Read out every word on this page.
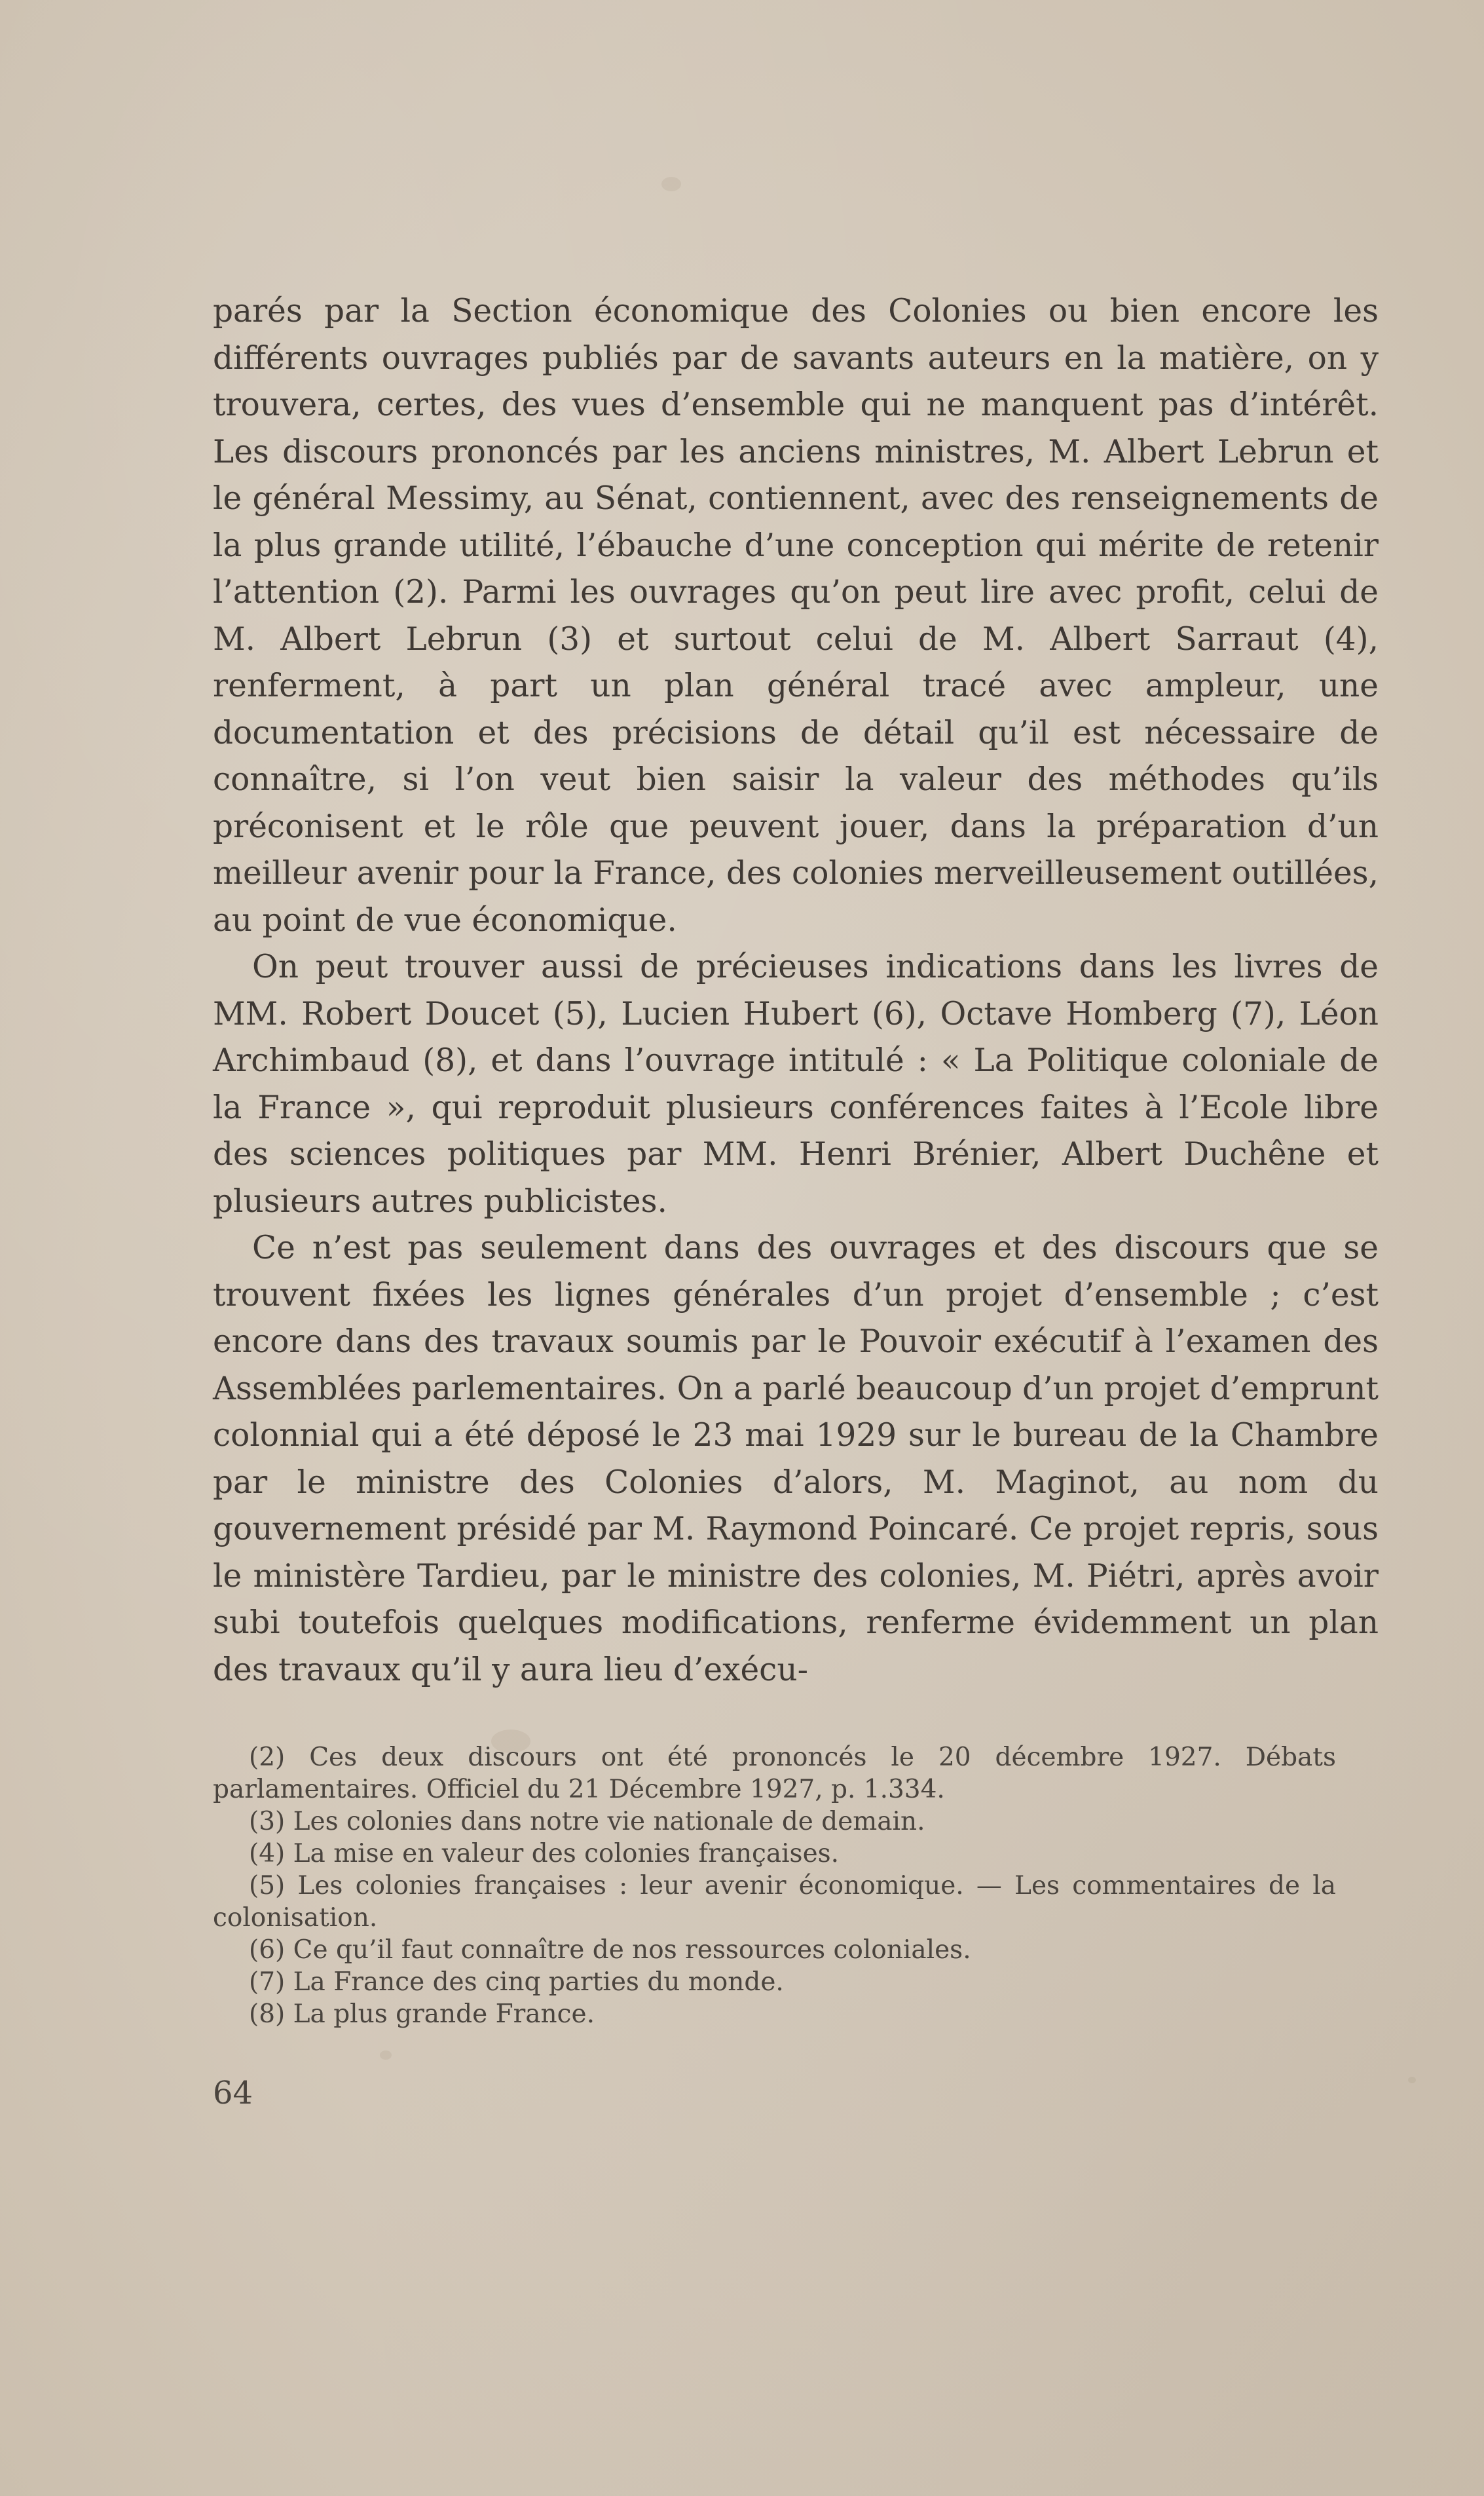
parés par la Section économique des Colonies ou bien encore les différents ouvrages publiés par de savants auteurs en la matière, on y trouvera, certes, des vues d’ensemble qui ne manquent pas d’intérêt. Les discours prononcés par les anciens ministres, M. Albert Lebrun et le général Messimy, au Sénat, contiennent, avec des renseignements de la plus grande utilité, l’ébauche d’une conception qui mérite de retenir l’attention (2). Parmi les ouvrages qu’on peut lire avec profit, celui de M. Albert Lebrun (3) et surtout celui de M. Albert Sarraut (4), renferment, à part un plan général tracé avec ampleur, une documentation et des précisions de détail qu’il est nécessaire de connaître, si l’on veut bien saisir la valeur des méthodes qu’ils préconisent et le rôle que peuvent jouer, dans la préparation d’un meilleur avenir pour la France, des colonies merveilleusement outillées, au point de vue économique.

On peut trouver aussi de précieuses indications dans les livres de MM. Robert Doucet (5), Lucien Hubert (6), Octave Homberg (7), Léon Archimbaud (8), et dans l’ouvrage intitulé : « La Politique coloniale de la France », qui reproduit plusieurs conférences faites à l’Ecole libre des sciences politiques par MM. Henri Brénier, Albert Duchêne et plusieurs autres publicistes.

Ce n’est pas seulement dans des ouvrages et des discours que se trouvent fixées les lignes générales d’un projet d’ensemble ; c’est encore dans des travaux soumis par le Pouvoir exécutif à l’examen des Assemblées parlementaires. On a parlé beaucoup d’un projet d’emprunt colonnial qui a été déposé le 23 mai 1929 sur le bureau de la Chambre par le ministre des Colonies d’alors, M. Maginot, au nom du gouvernement présidé par M. Raymond Poincaré. Ce projet repris, sous le ministère Tardieu, par le ministre des colonies, M. Piétri, après avoir subi toutefois quelques modifications, renferme évidemment un plan des travaux qu’il y aura lieu d’exécu-

(2) Ces deux discours ont été prononcés le 20 décembre 1927. Débats parlamentaires. Officiel du 21 Décembre 1927, p. 1.334.

(3) Les colonies dans notre vie nationale de demain.

(4) La mise en valeur des colonies françaises.

(5) Les colonies françaises : leur avenir économique. — Les commentaires de la colonisation.

(6) Ce qu’il faut connaître de nos ressources coloniales.

(7) La France des cinq parties du monde.

(8) La plus grande France.

64
